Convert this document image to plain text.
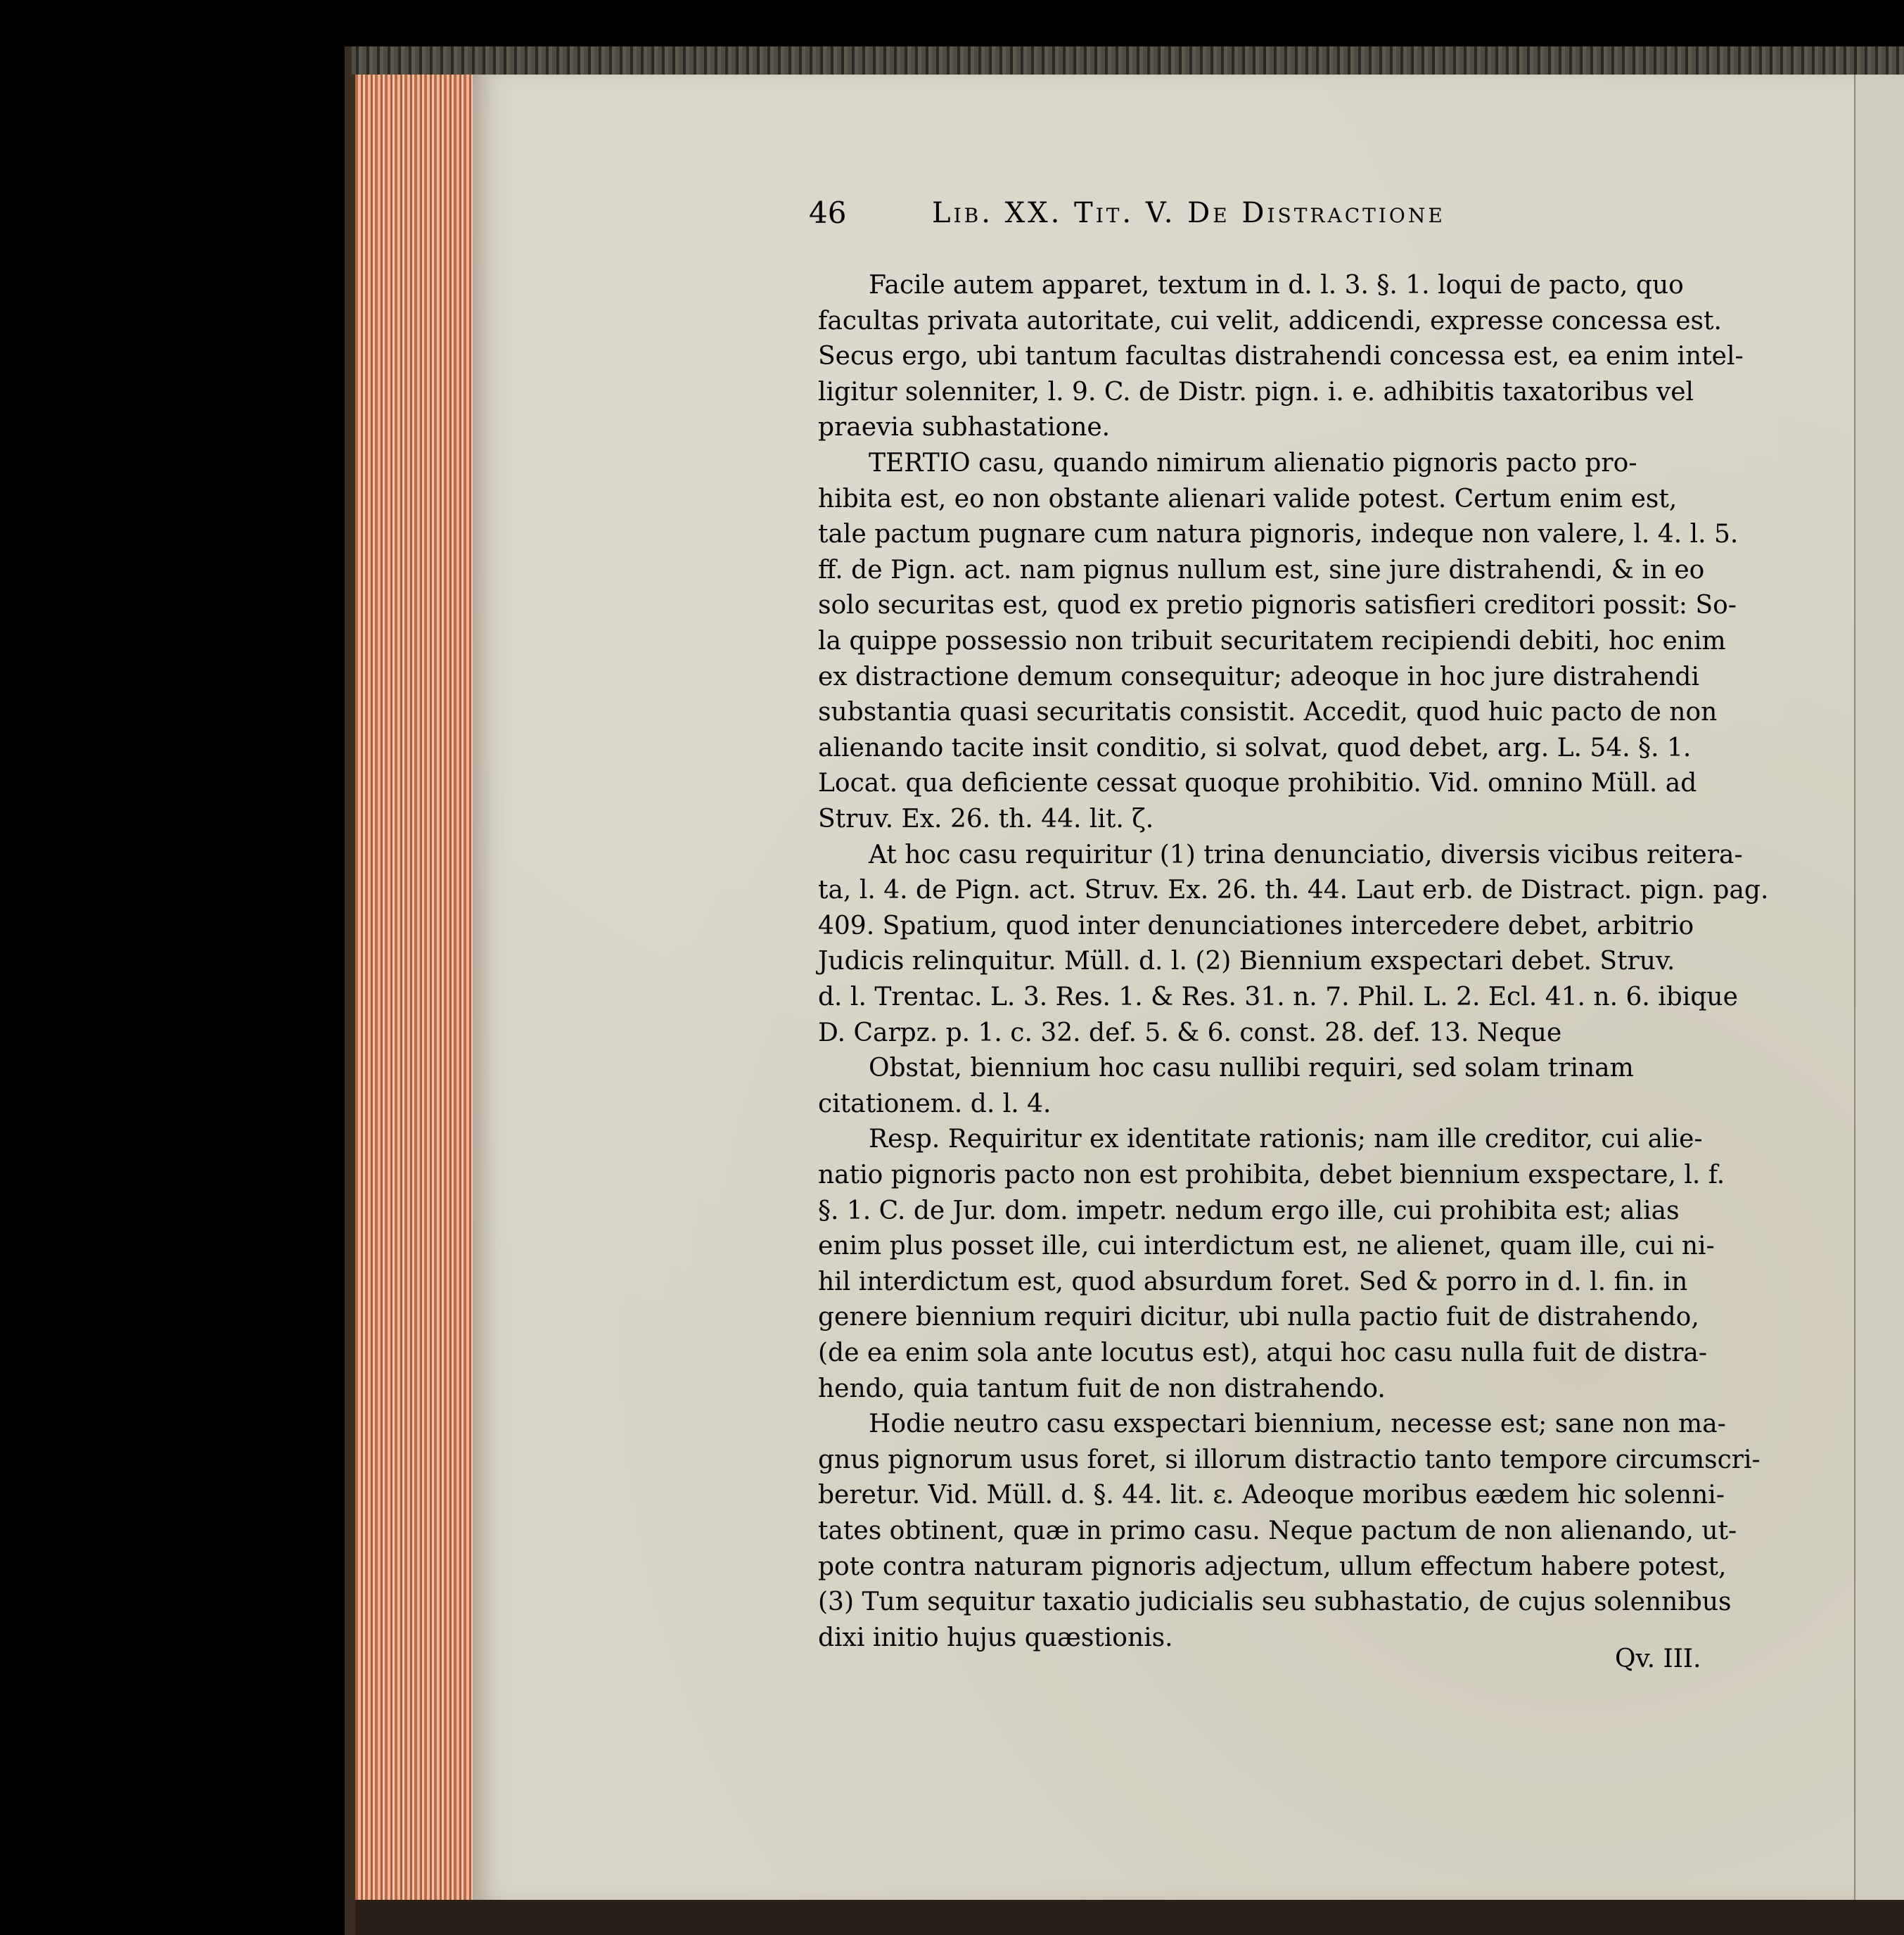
46	Lib. XX. Tit. V. De Distractione
Facile autem apparet, textum in d. l. 3. §. 1. loqui de pacto, quo
facultas privata autoritate, cui velit, addicendi, expresse concessa est.
Secus ergo, ubi tantum facultas distrahendi concessa est, ea enim intel-
ligitur solenniter, l. 9. C. de Distr. pign. i. e. adhibitis taxatoribus vel
praevia subhastatione.
TERTIO casu, quando nimirum alienatio pignoris pacto pro-
hibita est, eo non obstante alienari valide potest. Certum enim est,
tale pactum pugnare cum natura pignoris, indeque non valere, l. 4. l. 5.
ff. de Pign. act. nam pignus nullum est, sine jure distrahendi, & in eo
solo securitas est, quod ex pretio pignoris satisfieri creditori possit: So-
la quippe possessio non tribuit securitatem recipiendi debiti, hoc enim
ex distractione demum consequitur; adeoque in hoc jure distrahendi
substantia quasi securitatis consistit. Accedit, quod huic pacto de non
alienando tacite insit conditio, si solvat, quod debet, arg. L. 54. §. 1.
Locat. qua deficiente cessat quoque prohibitio. Vid. omnino Müll. ad
Struv. Ex. 26. th. 44. lit. ζ.
At hoc casu requiritur (1) trina denunciatio, diversis vicibus reitera-
ta, l. 4. de Pign. act. Struv. Ex. 26. th. 44. Laut erb. de Distract. pign. pag.
409. Spatium, quod inter denunciationes intercedere debet, arbitrio
Judicis relinquitur. Müll. d. l. (2) Biennium exspectari debet. Struv.
d. l. Trentac. L. 3. Res. 1. & Res. 31. n. 7. Phil. L. 2. Ecl. 41. n. 6. ibique
D. Carpz. p. 1. c. 32. def. 5. & 6. const. 28. def. 13. Neque
Obstat, biennium hoc casu nullibi requiri, sed solam trinam
citationem. d. l. 4.
Resp. Requiritur ex identitate rationis; nam ille creditor, cui alie-
natio pignoris pacto non est prohibita, debet biennium exspectare, l. f.
§. 1. C. de Jur. dom. impetr. nedum ergo ille, cui prohibita est; alias
enim plus posset ille, cui interdictum est, ne alienet, quam ille, cui ni-
hil interdictum est, quod absurdum foret. Sed & porro in d. l. fin. in
genere biennium requiri dicitur, ubi nulla pactio fuit de distrahendo,
(de ea enim sola ante locutus est), atqui hoc casu nulla fuit de distra-
hendo, quia tantum fuit de non distrahendo.
Hodie neutro casu exspectari biennium, necesse est; sane non ma-
gnus pignorum usus foret, si illorum distractio tanto tempore circumscri-
beretur. Vid. Müll. d. §. 44. lit. ε. Adeoque moribus eædem hic solenni-
tates obtinent, quæ in primo casu. Neque pactum de non alienando, ut-
pote contra naturam pignoris adjectum, ullum effectum habere potest,
(3) Tum sequitur taxatio judicialis seu subhastatio, de cujus solennibus
dixi initio hujus quæstionis.
Qv. III.
